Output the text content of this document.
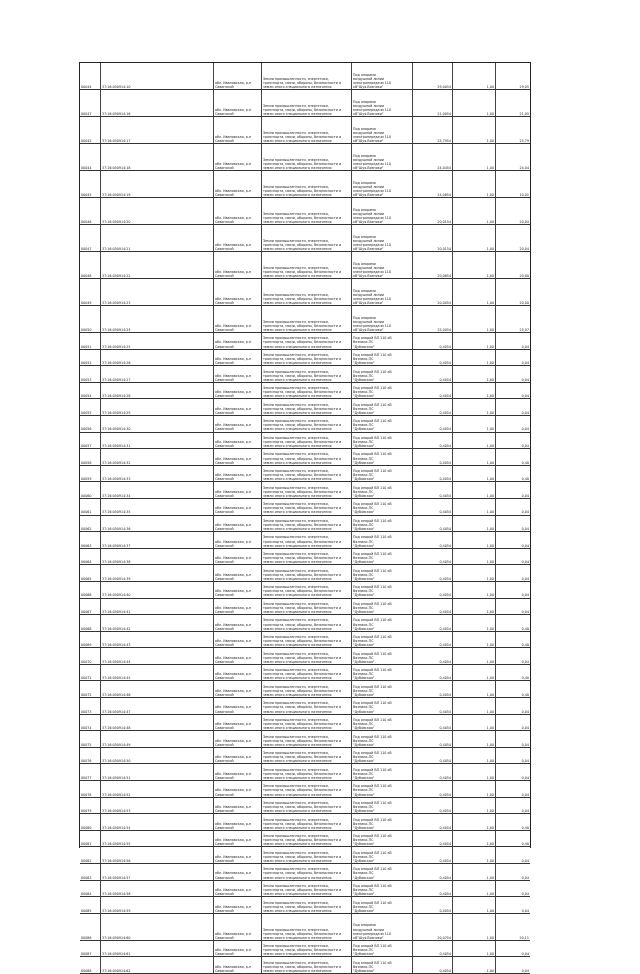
00044	37:16:050914:10
обл. Ивановская, р-н
Савинский
Земли промышленности, энергетики,
транспорта, связи, обороны, безопасности и
земли иного специального назначения
Под опорами
воздушной линии
электропередачи 110
кВ"Шуя-Вязники"	29,0054	1,00	29,05
00047	37:16:050914:16
обл. Ивановская, р-н
Савинский
Земли промышленности, энергетики,
транспорта, связи, обороны, безопасности и
земли иного специального назначения
Под опорами
воздушной линии
электропередачи 110
кВ"Шуя-Вязники"	21,0054	1,00	21,05
00045	37:16:050914:17
обл. Ивановская, р-н
Савинский
Земли промышленности, энергетики,
транспорта, связи, обороны, безопасности и
земли иного специального назначения
Под опорами
воздушной линии
электропередачи 110
кВ"Шуя-Вязники"	25,7954	1,00	25,79
00044	37:16:050914:18
обл. Ивановская, р-н
Савинский
Земли промышленности, энергетики,
транспорта, связи, обороны, безопасности и
земли иного специального назначения
Под опорами
воздушной линии
электропередачи 110
кВ"Шуя-Вязники"	24,0454	1,00	24,04
00045	37:16:050914:19
обл. Ивановская, р-н
Савинский
Земли промышленности, энергетики,
транспорта, связи, обороны, безопасности и
земли иного специального назначения
Под опорами
воздушной линии
электропередачи 110
кВ"Шуя-Вязники"	24,0854	1,00	10,01
00046	37:16:050914:20
обл. Ивановская, р-н
Савинский
Земли промышленности, энергетики,
транспорта, связи, обороны, безопасности и
земли иного специального назначения
Под опорами
воздушной линии
электропередачи 110
кВ"Шуя-Вязники"	20,0154	1,00	20,04
00047	37:16:050914:21
обл. Ивановская, р-н
Савинский
Земли промышленности, энергетики,
транспорта, связи, обороны, безопасности и
земли иного специального назначения
Под опорами
воздушной линии
электропередачи 110
кВ"Шуя-Вязники"	20,0154	1,00	20,04
00048	37:16:050914:22
обл. Ивановская, р-н
Савинский
Земли промышленности, энергетики,
транспорта, связи, обороны, безопасности и
земли иного специального назначения
Под опорами
воздушной линии
электропередачи 110
кВ"Шуя-Вязники"	20,0854	1,00	20,00
00049	37:16:050914:23
обл. Ивановская, р-н
Савинский
Земли промышленности, энергетики,
транспорта, связи, обороны, безопасности и
земли иного специального назначения
Под опорами
воздушной линии
электропередачи 110
кВ"Шуя-Вязники"	20,0054	1,00	20,00
00050	37:16:050914:24
обл. Ивановская, р-н
Савинский
Земли промышленности, энергетики,
транспорта, связи, обороны, безопасности и
земли иного специального назначения
Под опорами
воздушной линии
электропередачи 110
кВ"Шуя-Вязники"	25,0054	1,00	25,07
00051	37:16:050914:25
обл. Ивановская, р-н
Савинский
Земли промышленности, энергетики,
транспорта, связи, обороны, безопасности и
земли иного специального назначения
Под опорой ВЛ 110 кВ
Вязники-ПС
"Дубовская"	0,4054	1,00	0,04
00052	37:16:050914:26
обл. Ивановская, р-н
Савинский
Земли промышленности, энергетики,
транспорта, связи, обороны, безопасности и
земли иного специального назначения
Под опорой ВЛ 110 кВ
Вязники-ПС
"Дубовская"	0,4054	1,00	0,04
00053	37:16:050914:27
обл. Ивановская, р-н
Савинский
Земли промышленности, энергетики,
транспорта, связи, обороны, безопасности и
земли иного специального назначения
Под опорой ВЛ 110 кВ
Вязники-ПС
"Дубовская"	0,4054	1,00	0,04
00054	37:16:050914:28
обл. Ивановская, р-н
Савинский
Земли промышленности, энергетики,
транспорта, связи, обороны, безопасности и
земли иного специального назначения
Под опорой ВЛ 110 кВ
Вязники-ПС
"Дубовская"	0,4054	1,00	0,04
00055	37:16:050914:29
обл. Ивановская, р-н
Савинский
Земли промышленности, энергетики,
транспорта, связи, обороны, безопасности и
земли иного специального назначения
Под опорой ВЛ 110 кВ
Вязники-ПС
"Дубовская"	0,4054	1,00	0,04
00056	37:16:050914:30
обл. Ивановская, р-н
Савинский
Земли промышленности, энергетики,
транспорта, связи, обороны, безопасности и
земли иного специального назначения
Под опорой ВЛ 110 кВ
Вязники-ПС
"Дубовская"	0,4054	1,00	0,04
00057	37:16:050914:31
обл. Ивановская, р-н
Савинский
Земли промышленности, энергетики,
транспорта, связи, обороны, безопасности и
земли иного специального назначения
Под опорой ВЛ 110 кВ
Вязники-ПС
"Дубовская"	0,4054	1,00	0,04
00058	37:16:050914:32
обл. Ивановская, р-н
Савинский
Земли промышленности, энергетики,
транспорта, связи, обороны, безопасности и
земли иного специального назначения
Под опорой ВЛ 110 кВ
Вязники-ПС
"Дубовская"	0,4054	1,00	0,40
00059	37:16:050914:33
обл. Ивановская, р-н
Савинский
Земли промышленности, энергетики,
транспорта, связи, обороны, безопасности и
земли иного специального назначения
Под опорой ВЛ 110 кВ
Вязники-ПС
"Дубовская"	0,4054	1,00	0,40
00060	37:16:050914:34
обл. Ивановская, р-н
Савинский
Земли промышленности, энергетики,
транспорта, связи, обороны, безопасности и
земли иного специального назначения
Под опорой ВЛ 110 кВ
Вязники-ПС
"Дубовская"	0,4054	1,00	0,04
00061	37:16:050914:35
обл. Ивановская, р-н
Савинский
Земли промышленности, энергетики,
транспорта, связи, обороны, безопасности и
земли иного специального назначения
Под опорой ВЛ 110 кВ
Вязники-ПС
"Дубовская"	0,4054	1,00	0,04
00062	37:16:050914:36
обл. Ивановская, р-н
Савинский
Земли промышленности, энергетики,
транспорта, связи, обороны, безопасности и
земли иного специального назначения
Под опорой ВЛ 110 кВ
Вязники-ПС
"Дубовская"	0,4054	1,00	0,04
00063	37:16:050914:37
обл. Ивановская, р-н
Савинский
Земли промышленности, энергетики,
транспорта, связи, обороны, безопасности и
земли иного специального назначения
Под опорой ВЛ 110 кВ
Вязники-ПС
"Дубовская"	0,4054	1,00	0,04
00064	37:16:050914:38
обл. Ивановская, р-н
Савинский
Земли промышленности, энергетики,
транспорта, связи, обороны, безопасности и
земли иного специального назначения
Под опорой ВЛ 110 кВ
Вязники-ПС
"Дубовская"	0,4054	1,00	0,04
00065	37:16:050914:39
обл. Ивановская, р-н
Савинский
Земли промышленности, энергетики,
транспорта, связи, обороны, безопасности и
земли иного специального назначения
Под опорой ВЛ 110 кВ
Вязники-ПС
"Дубовская"	0,4054	1,00	0,04
00066	37:16:050914:40
обл. Ивановская, р-н
Савинский
Земли промышленности, энергетики,
транспорта, связи, обороны, безопасности и
земли иного специального назначения
Под опорой ВЛ 110 кВ
Вязники-ПС
"Дубовская"	0,4054	1,00	0,04
00067	37:16:050914:41
обл. Ивановская, р-н
Савинский
Земли промышленности, энергетики,
транспорта, связи, обороны, безопасности и
земли иного специального назначения
Под опорой ВЛ 110 кВ
Вязники-ПС
"Дубовская"	0,4054	1,00	0,04
00068	37:16:050914:42
обл. Ивановская, р-н
Савинский
Земли промышленности, энергетики,
транспорта, связи, обороны, безопасности и
земли иного специального назначения
Под опорой ВЛ 110 кВ
Вязники-ПС
"Дубовская"	0,4054	1,00	0,40
00069	37:16:050914:43
обл. Ивановская, р-н
Савинский
Земли промышленности, энергетики,
транспорта, связи, обороны, безопасности и
земли иного специального назначения
Под опорой ВЛ 110 кВ
Вязники-ПС
"Дубовская"	0,4054	1,00	0,40
00070	37:16:050914:44
обл. Ивановская, р-н
Савинский
Земли промышленности, энергетики,
транспорта, связи, обороны, безопасности и
земли иного специального назначения
Под опорой ВЛ 110 кВ
Вязники-ПС
"Дубовская"	0,4054	1,00	0,04
00071	37:16:050914:45
обл. Ивановская, р-н
Савинский
Земли промышленности, энергетики,
транспорта, связи, обороны, безопасности и
земли иного специального назначения
Под опорой ВЛ 110 кВ
Вязники-ПС
"Дубовская"	0,4054	1,00	0,40
00072	37:16:050914:46
обл. Ивановская, р-н
Савинский
Земли промышленности, энергетики,
транспорта, связи, обороны, безопасности и
земли иного специального назначения
Под опорой ВЛ 110 кВ
Вязники-ПС
"Дубовская"	0,4054	1,00	0,40
00073	37:16:050914:47
обл. Ивановская, р-н
Савинский
Земли промышленности, энергетики,
транспорта, связи, обороны, безопасности и
земли иного специального назначения
Под опорой ВЛ 110 кВ
Вязники-ПС
"Дубовская"	0,4054	1,00	0,04
00074	37:16:050914:48
обл. Ивановская, р-н
Савинский
Земли промышленности, энергетики,
транспорта, связи, обороны, безопасности и
земли иного специального назначения
Под опорой ВЛ 110 кВ
Вязники-ПС
"Дубовская"	0,4054	1,00	0,04
00075	37:16:050914:49
обл. Ивановская, р-н
Савинский
Земли промышленности, энергетики,
транспорта, связи, обороны, безопасности и
земли иного специального назначения
Под опорой ВЛ 110 кВ
Вязники-ПС
"Дубовская"	0,4054	1,00	0,04
00076	37:16:050914:50
обл. Ивановская, р-н
Савинский
Земли промышленности, энергетики,
транспорта, связи, обороны, безопасности и
земли иного специального назначения
Под опорой ВЛ 110 кВ
Вязники-ПС
"Дубовская"	0,4054	1,00	0,04
00077	37:16:050914:51
обл. Ивановская, р-н
Савинский
Земли промышленности, энергетики,
транспорта, связи, обороны, безопасности и
земли иного специального назначения
Под опорой ВЛ 110 кВ
Вязники-ПС
"Дубовская"	0,4054	1,00	0,04
00078	37:16:050914:52
обл. Ивановская, р-н
Савинский
Земли промышленности, энергетики,
транспорта, связи, обороны, безопасности и
земли иного специального назначения
Под опорой ВЛ 110 кВ
Вязники-ПС
"Дубовская"	0,4054	1,00	0,04
00079	37:16:050914:53
обл. Ивановская, р-н
Савинский
Земли промышленности, энергетики,
транспорта, связи, обороны, безопасности и
земли иного специального назначения
Под опорой ВЛ 110 кВ
Вязники-ПС
"Дубовская"	0,4054	1,00	0,04
00080	37:16:050914:54
обл. Ивановская, р-н
Савинский
Земли промышленности, энергетики,
транспорта, связи, обороны, безопасности и
земли иного специального назначения
Под опорой ВЛ 110 кВ
Вязники-ПС
"Дубовская"	0,4054	1,00	0,40
00081	37:16:050914:55
обл. Ивановская, р-н
Савинский
Земли промышленности, энергетики,
транспорта, связи, обороны, безопасности и
земли иного специального назначения
Под опорой ВЛ 110 кВ
Вязники-ПС
"Дубовская"	0,4054	1,00	0,40
00082	37:16:050914:56
обл. Ивановская, р-н
Савинский
Земли промышленности, энергетики,
транспорта, связи, обороны, безопасности и
земли иного специального назначения
Под опорой ВЛ 110 кВ
Вязники-ПС
"Дубовская"	0,4054	1,00	0,04
00083	37:16:050914:57
обл. Ивановская, р-н
Савинский
Земли промышленности, энергетики,
транспорта, связи, обороны, безопасности и
земли иного специального назначения
Под опорой ВЛ 110 кВ
Вязники-ПС
"Дубовская"	0,4054	1,00	0,04
00084	37:16:050914:58
обл. Ивановская, р-н
Савинский
Земли промышленности, энергетики,
транспорта, связи, обороны, безопасности и
земли иного специального назначения
Под опорой ВЛ 110 кВ
Вязники-ПС
"Дубовская"	0,4054	1,00	0,04
00085	37:16:050914:59
обл. Ивановская, р-н
Савинский
Земли промышленности, энергетики,
транспорта, связи, обороны, безопасности и
земли иного специального назначения
Под опорой ВЛ 110 кВ
Вязники-ПС
"Дубовская"	0,4054	1,00	0,04
00086	37:16:050914:60
обл. Ивановская, р-н
Савинский
Земли промышленности, энергетики,
транспорта, связи, обороны, безопасности и
земли иного специального назначения
Под опорами
воздушной линии
электропередачи 110
кВ"Шуя-Вязники"	20,0754	1,00	20,11
00087	37:16:050914:61
обл. Ивановская, р-н
Савинский
Земли промышленности, энергетики,
транспорта, связи, обороны, безопасности и
земли иного специального назначения
Под опорой ВЛ 110 кВ
Вязники-ПС
"Дубовская"	0,4054	1,00	0,04
00088	37:16:050914:62
обл. Ивановская, р-н
Савинский
Земли промышленности, энергетики,
транспорта, связи, обороны, безопасности и
земли иного специального назначения
Под опорой ВЛ 110 кВ
Вязники-ПС
"Дубовская"	0,4054	1,00	0,04
